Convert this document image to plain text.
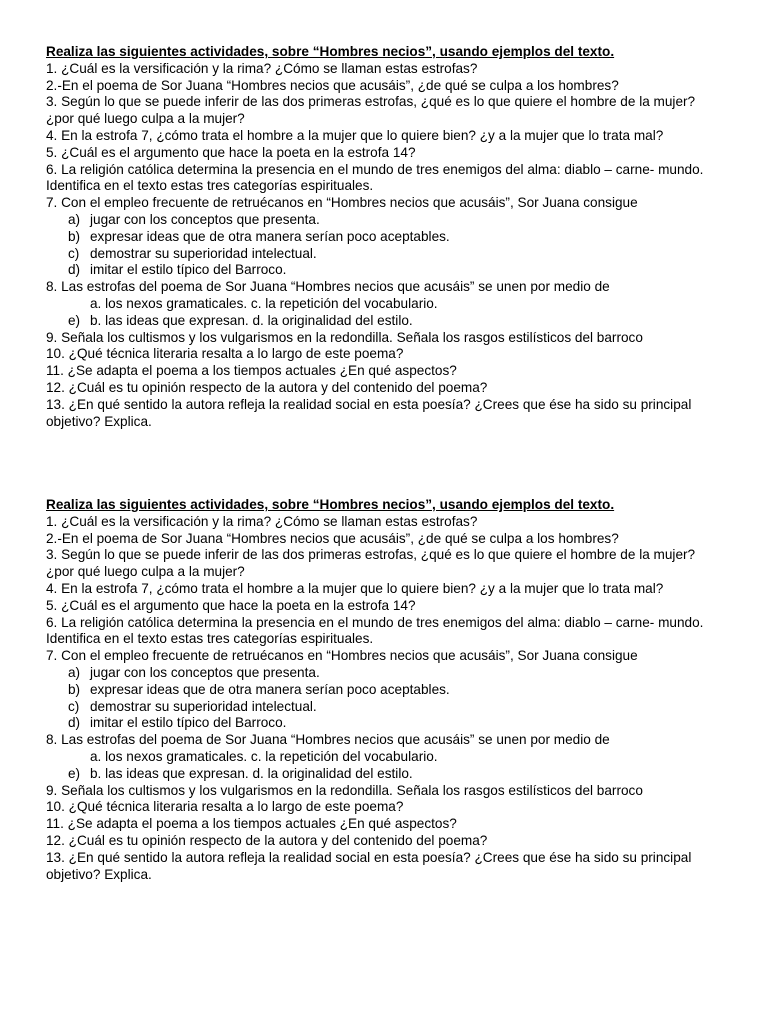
Realiza las siguientes actividades, sobre “Hombres necios”, usando ejemplos del texto.

1. ¿Cuál es la versificación y la rima? ¿Cómo se llaman estas estrofas?

2.-En el poema de Sor Juana “Hombres necios que acusáis”, ¿de qué se culpa a los hombres?

3. Según lo que se puede inferir de las dos primeras estrofas, ¿qué es lo que quiere el hombre de la mujer? ¿por qué luego culpa a la mujer?

4. En la estrofa 7, ¿cómo trata el hombre a la mujer que lo quiere bien? ¿y a la mujer que lo trata mal?

5. ¿Cuál es el argumento que hace la poeta en la estrofa 14?

6. La religión católica determina la presencia en el mundo de tres enemigos del alma: diablo – carne- mundo. Identifica en el texto estas tres categorías espirituales.

7. Con el empleo frecuente de retruécanos en “Hombres necios que acusáis”, Sor Juana consigue

a) jugar con los conceptos que presenta.
b) expresar ideas que de otra manera serían poco aceptables.
c) demostrar su superioridad intelectual.
d) imitar el estilo típico del Barroco.

8. Las estrofas del poema de Sor Juana “Hombres necios que acusáis” se unen por medio de

a. los nexos gramaticales. c. la repetición del vocabulario.
e) b. las ideas que expresan. d. la originalidad del estilo.

9. Señala los cultismos y los vulgarismos en la redondilla. Señala los rasgos estilísticos del barroco

10. ¿Qué técnica literaria resalta a lo largo de este poema?

11. ¿Se adapta el poema a los tiempos actuales ¿En qué aspectos?

12. ¿Cuál es tu opinión respecto de la autora y del contenido del poema?

13. ¿En qué sentido la autora refleja la realidad social en esta poesía? ¿Crees que ése ha sido su principal objetivo? Explica.

Realiza las siguientes actividades, sobre “Hombres necios”, usando ejemplos del texto.

1. ¿Cuál es la versificación y la rima? ¿Cómo se llaman estas estrofas?

2.-En el poema de Sor Juana “Hombres necios que acusáis”, ¿de qué se culpa a los hombres?

3. Según lo que se puede inferir de las dos primeras estrofas, ¿qué es lo que quiere el hombre de la mujer? ¿por qué luego culpa a la mujer?

4. En la estrofa 7, ¿cómo trata el hombre a la mujer que lo quiere bien? ¿y a la mujer que lo trata mal?

5. ¿Cuál es el argumento que hace la poeta en la estrofa 14?

6. La religión católica determina la presencia en el mundo de tres enemigos del alma: diablo – carne- mundo. Identifica en el texto estas tres categorías espirituales.

7. Con el empleo frecuente de retruécanos en “Hombres necios que acusáis”, Sor Juana consigue

a) jugar con los conceptos que presenta.
b) expresar ideas que de otra manera serían poco aceptables.
c) demostrar su superioridad intelectual.
d) imitar el estilo típico del Barroco.

8. Las estrofas del poema de Sor Juana “Hombres necios que acusáis” se unen por medio de

a. los nexos gramaticales. c. la repetición del vocabulario.
e) b. las ideas que expresan. d. la originalidad del estilo.

9. Señala los cultismos y los vulgarismos en la redondilla. Señala los rasgos estilísticos del barroco

10. ¿Qué técnica literaria resalta a lo largo de este poema?

11. ¿Se adapta el poema a los tiempos actuales ¿En qué aspectos?

12. ¿Cuál es tu opinión respecto de la autora y del contenido del poema?

13. ¿En qué sentido la autora refleja la realidad social en esta poesía? ¿Crees que ése ha sido su principal objetivo? Explica.
